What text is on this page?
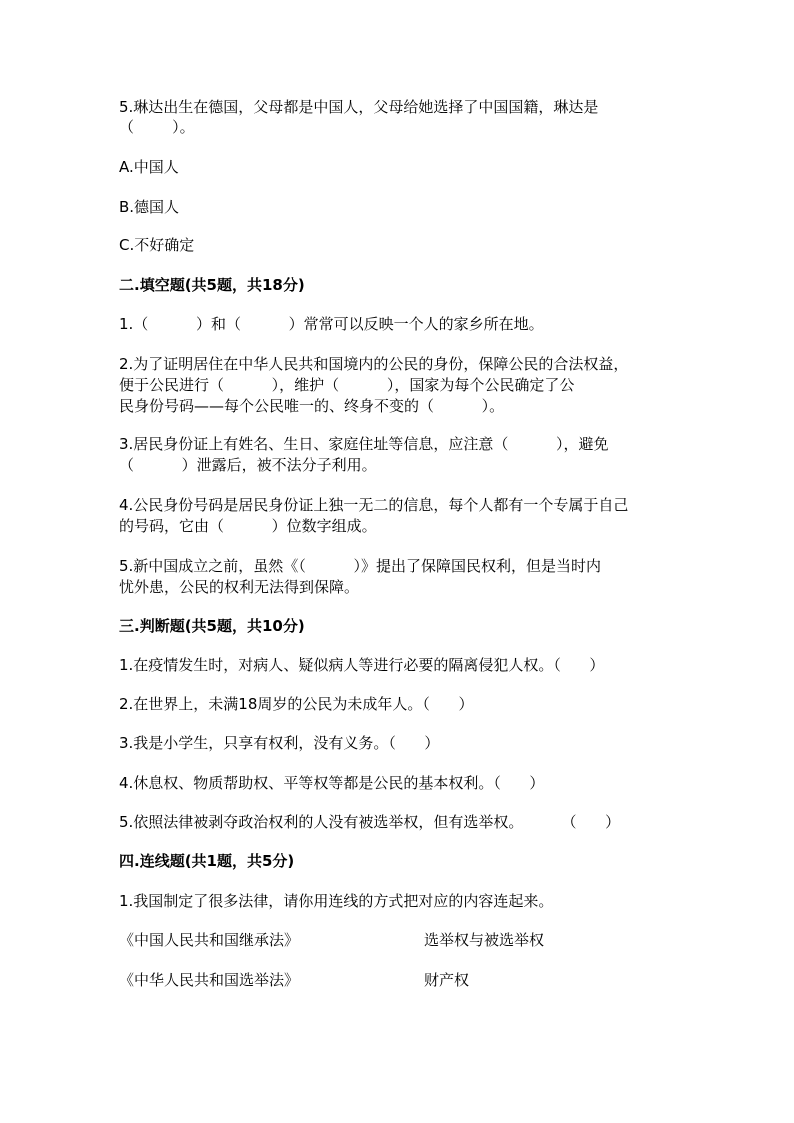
5.琳达出生在德国，父母都是中国人，父母给她选择了中国国籍，琳达是
（        ）。
A.中国人
B.德国人
C.不好确定
二.填空题(共5题，共18分)
1.（          ）和（          ）常常可以反映一个人的家乡所在地。
2.为了证明居住在中华人民共和国境内的公民的身份，保障公民的合法权益，
便于公民进行（          ），维护（          ），国家为每个公民确定了公
民身份号码——每个公民唯一的、终身不变的（          ）。
3.居民身份证上有姓名、生日、家庭住址等信息，应注意（          ），避免
（          ）泄露后，被不法分子利用。
4.公民身份号码是居民身份证上独一无二的信息，每个人都有一个专属于自己
的号码，它由（          ）位数字组成。
5.新中国成立之前，虽然《（          ）》提出了保障国民权利，但是当时内
忧外患，公民的权利无法得到保障。
三.判断题(共5题，共10分)
1.在疫情发生时，对病人、疑似病人等进行必要的隔离侵犯人权。（      ）
2.在世界上，未满18周岁的公民为未成年人。（      ）
3.我是小学生，只享有权利，没有义务。（      ）
4.休息权、物质帮助权、平等权等都是公民的基本权利。（      ）
5.依照法律被剥夺政治权利的人没有被选举权，但有选举权。        （      ）
四.连线题(共1题，共5分)
1.我国制定了很多法律，请你用连线的方式把对应的内容连起来。
《中国人民共和国继承法》	选举权与被选举权
《中华人民共和国选举法》	财产权
